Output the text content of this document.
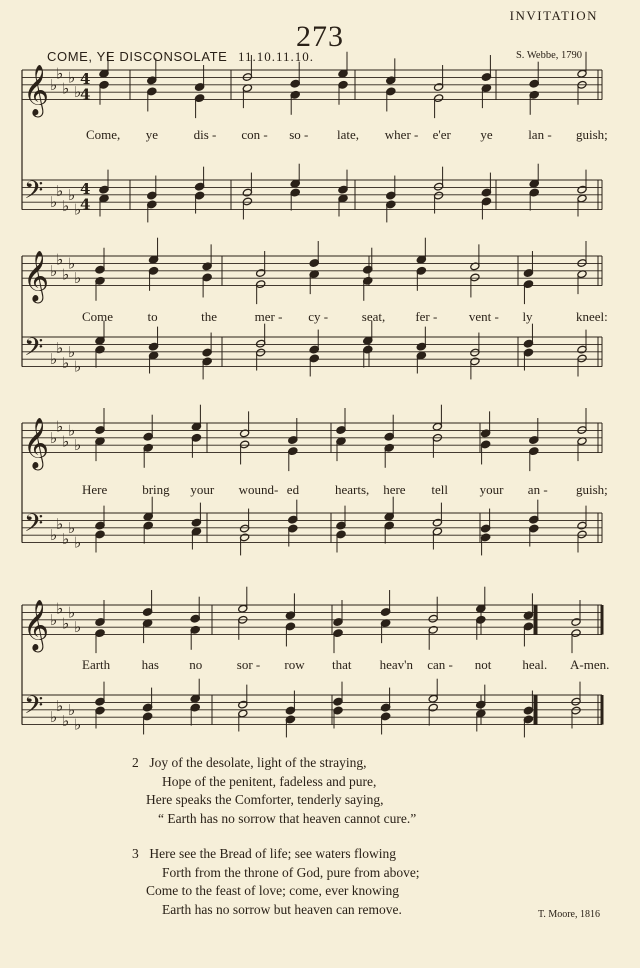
INVITATION
273
COME, YE DISCONSOLATE 11.10.11.10.	S. Webbe, 1790
𝄞 ♭
♭
♭
♭
♭
4
4
𝄢 ♭
♭
♭
♭
♭
4
4
𝄞 ♭
♭
♭
♭
♭
𝄢 ♭
♭
♭
♭
♭
𝄞 ♭
♭
♭
♭
♭
𝄢 ♭
♭
♭
♭
♭
𝄞 ♭
♭
♭
♭
♭
𝄢 ♭
♭
♭
♭
♭
Come, ye	dis - con - so - late, wher - e'er ye	lan - guish;
Come	to	the	mer - cy -	seat, fer - vent - ly	kneel:
Here	bring your wound- ed	hearts, here tell your an - guish;
Earth has no	sor - row that heav'n can - not heal. A-men.
2 Joy of the desolate, light of the straying,
Hope of the penitent, fadeless and pure,
Here speaks the Comforter, tenderly saying,
“ Earth has no sorrow that heaven cannot cure.”
3 Here see the Bread of life; see waters flowing
Forth from the throne of God, pure from above;
Come to the feast of love; come, ever knowing
Earth has no sorrow but heaven can remove.	T. Moore, 1816
